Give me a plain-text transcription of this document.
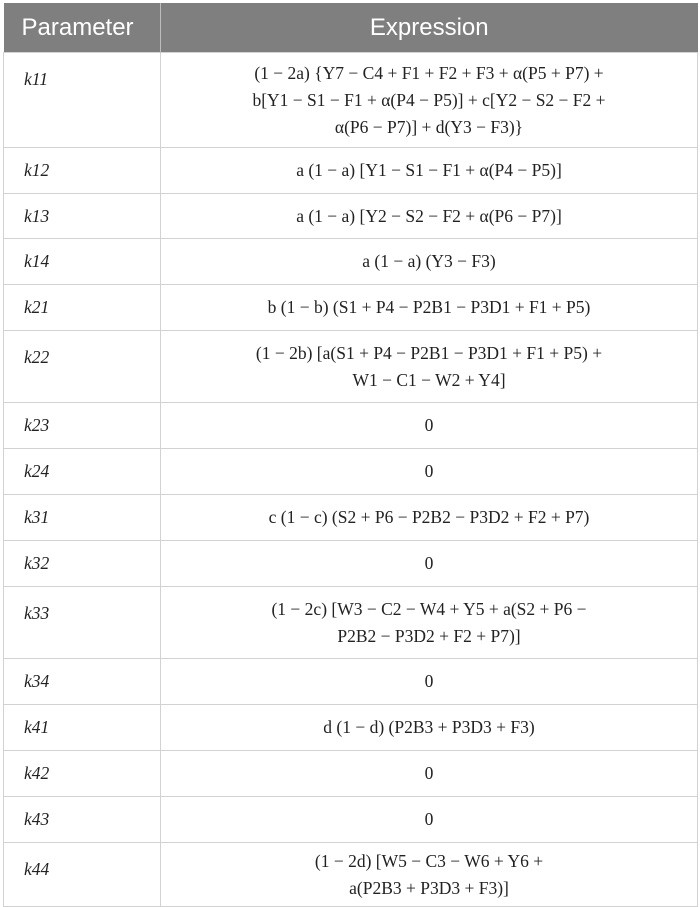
Parameter	Expression
k11	(1 − 2a) {Y7 − C4 + F1 + F2 + F3 + α(P5 + P7) +
b[Y1 − S1 − F1 + α(P4 − P5)] + c[Y2 − S2 − F2 +
α(P6 − P7)] + d(Y3 − F3)}

k12	a (1 − a) [Y1 − S1 − F1 + α(P4 − P5)]

k13	a (1 − a) [Y2 − S2 − F2 + α(P6 − P7)]

k14	a (1 − a) (Y3 − F3)

k21	b (1 − b) (S1 + P4 − P2B1 − P3D1 + F1 + P5)

k22	(1 − 2b) [a(S1 + P4 − P2B1 − P3D1 + F1 + P5) +
W1 − C1 − W2 + Y4]

k23	0

k24	0

k31	c (1 − c) (S2 + P6 − P2B2 − P3D2 + F2 + P7)

k32	0

k33	(1 − 2c) [W3 − C2 − W4 + Y5 + a(S2 + P6 −
P2B2 − P3D2 + F2 + P7)]

k34	0

k41	d (1 − d) (P2B3 + P3D3 + F3)

k42	0

k43	0

k44	(1 − 2d) [W5 − C3 − W6 + Y6 +
a(P2B3 + P3D3 + F3)]
